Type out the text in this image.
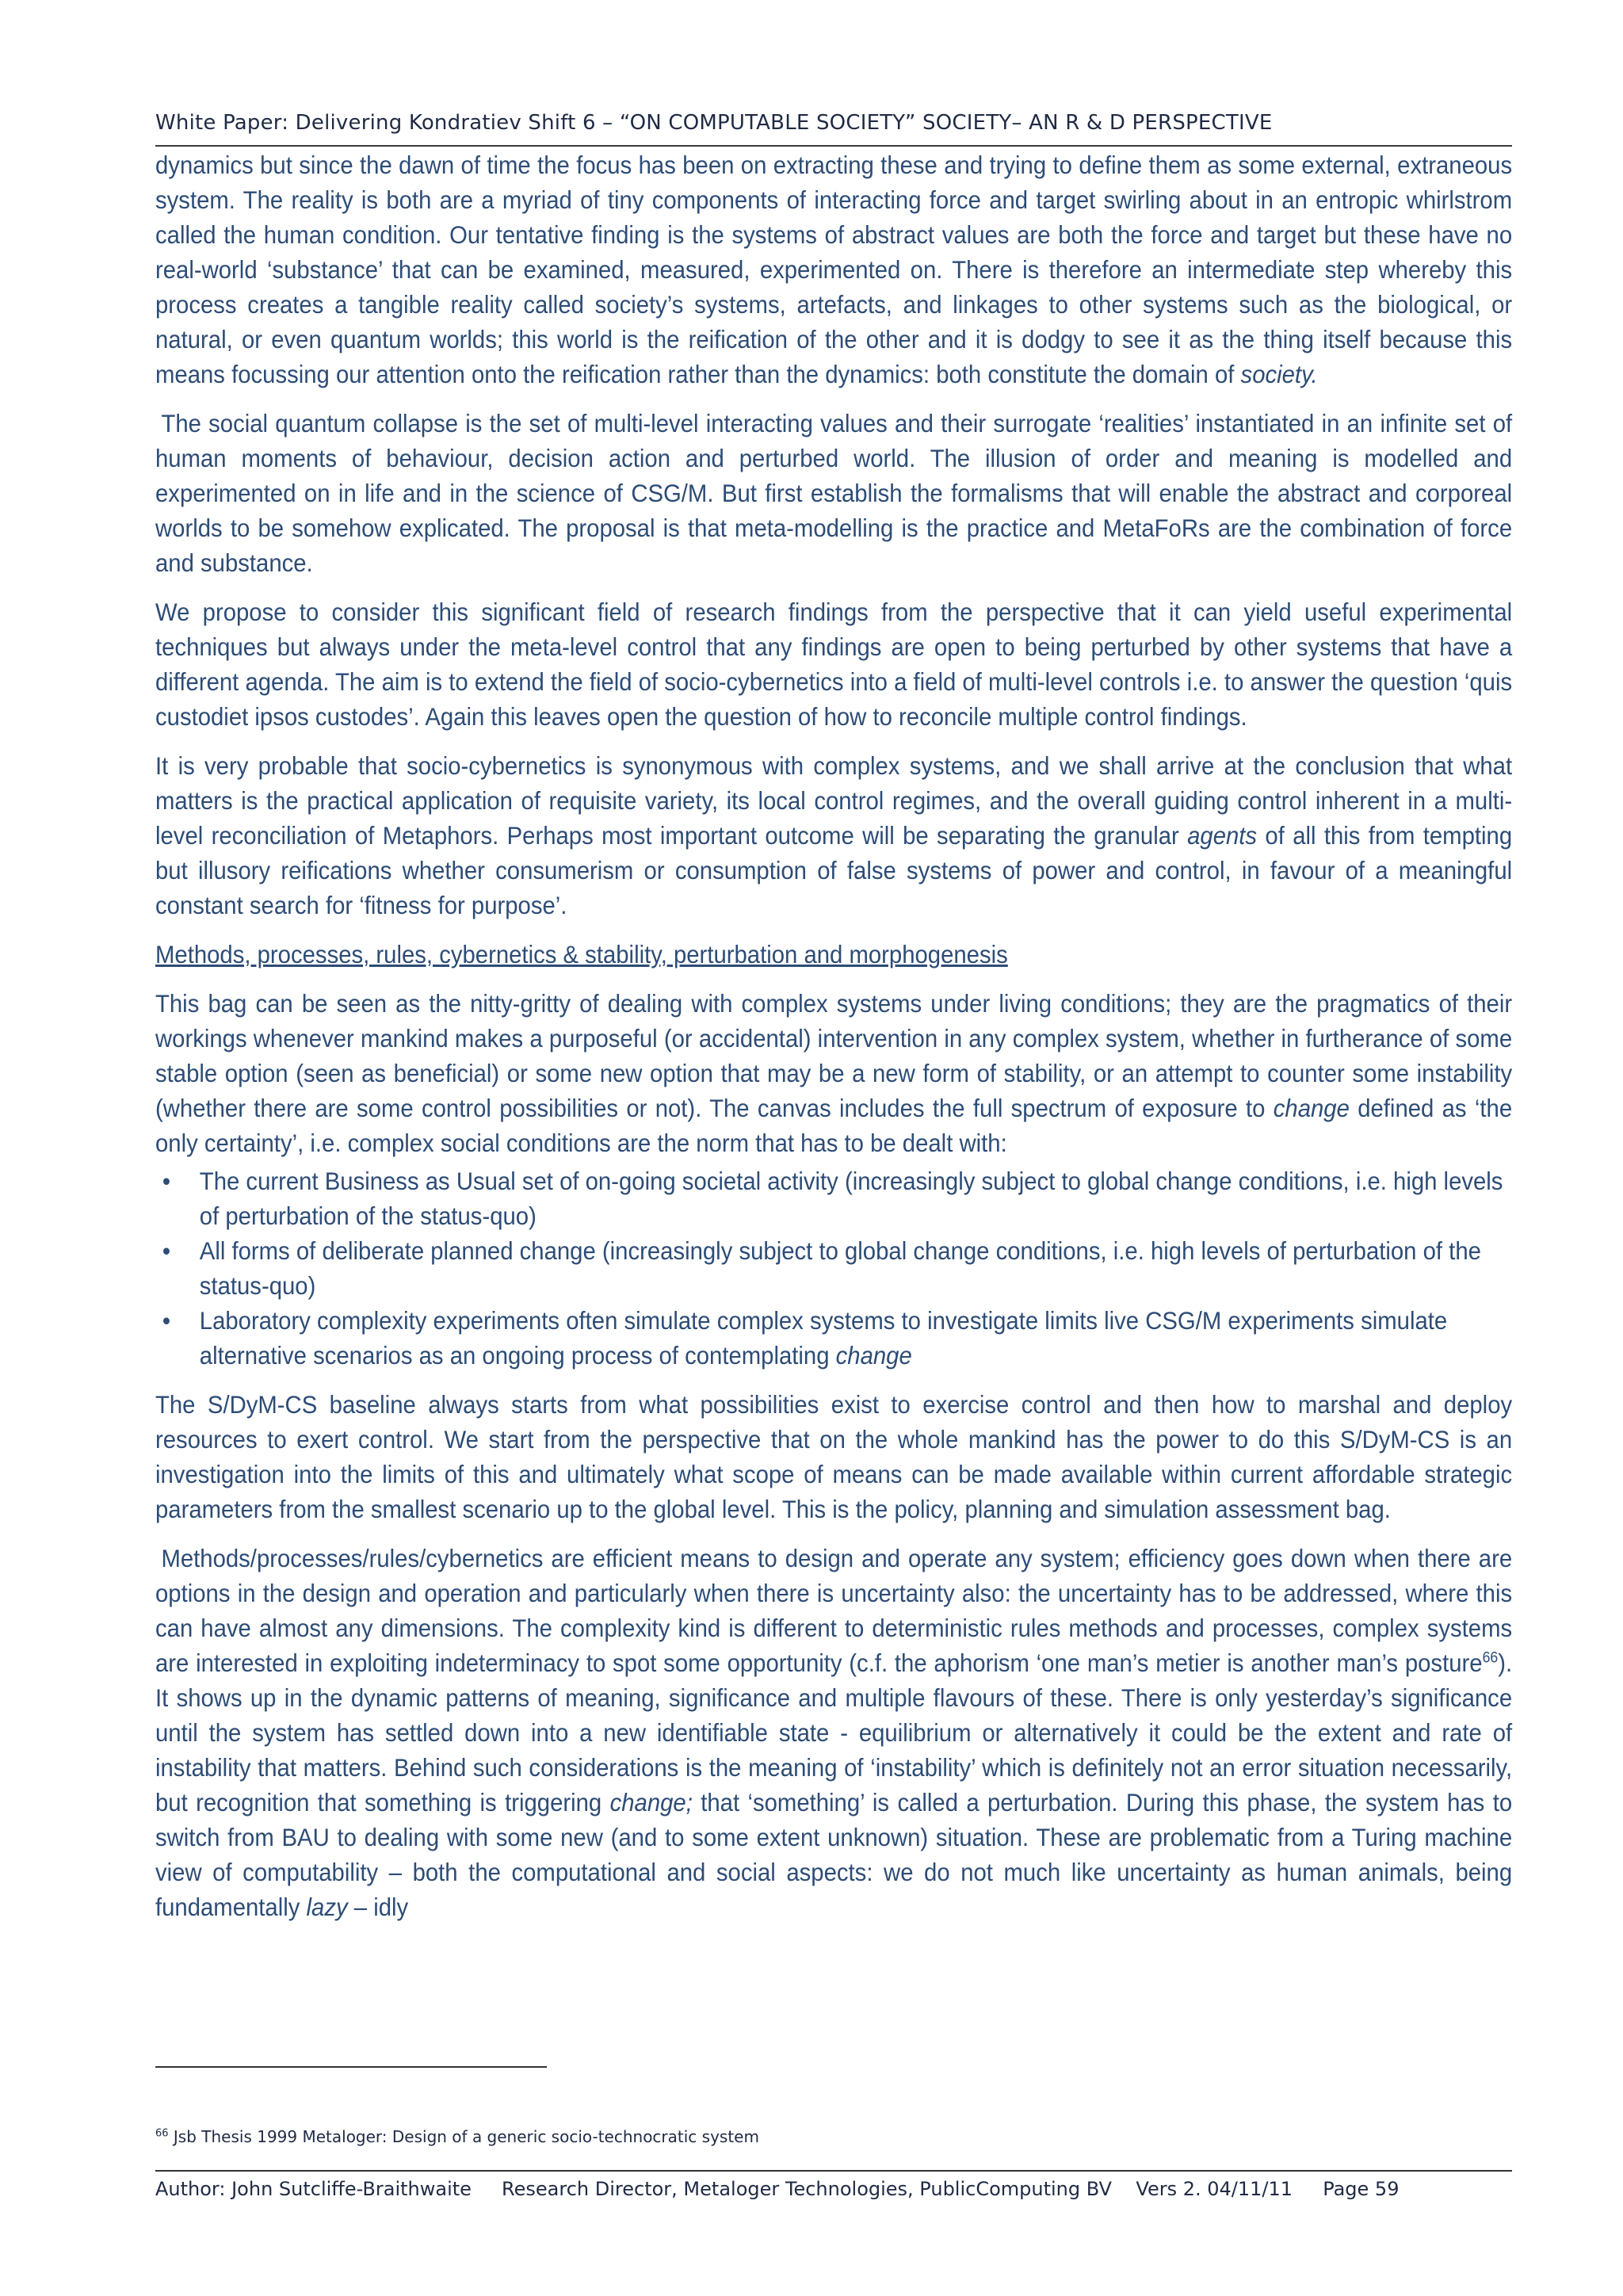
White Paper: Delivering Kondratiev Shift 6 – “ON COMPUTABLE SOCIETY” SOCIETY– AN R & D PERSPECTIVE

dynamics but since the dawn of time the focus has been on extracting these and trying to define them as some external, extraneous system. The reality is both are a myriad of tiny components of interacting force and target swirling about in an entropic whirlstrom called the human condition. Our tentative finding is the systems of abstract values are both the force and target but these have no real-world ‘substance’ that can be examined, measured, experimented on. There is therefore an intermediate step whereby this process creates a tangible reality called society’s systems, artefacts, and linkages to other systems such as the biological, or natural, or even quantum worlds; this world is the reification of the other and it is dodgy to see it as the thing itself because this means focussing our attention onto the reification rather than the dynamics: both constitute the domain of society.

The social quantum collapse is the set of multi-level interacting values and their surrogate ‘realities’ instantiated in an infinite set of human moments of behaviour, decision action and perturbed world. The illusion of order and meaning is modelled and experimented on in life and in the science of CSG/M. But first establish the formalisms that will enable the abstract and corporeal worlds to be somehow explicated. The proposal is that meta-modelling is the practice and MetaFoRs are the combination of force and substance.

We propose to consider this significant field of research findings from the perspective that it can yield useful experimental techniques but always under the meta-level control that any findings are open to being perturbed by other systems that have a different agenda. The aim is to extend the field of socio-cybernetics into a field of multi-level controls i.e. to answer the question ‘quis custodiet ipsos custodes’. Again this leaves open the question of how to reconcile multiple control findings.

It is very probable that socio-cybernetics is synonymous with complex systems, and we shall arrive at the conclusion that what matters is the practical application of requisite variety, its local control regimes, and the overall guiding control inherent in a multi-level reconciliation of Metaphors. Perhaps most important outcome will be separating the granular agents of all this from tempting but illusory reifications whether consumerism or consumption of false systems of power and control, in favour of a meaningful constant search for ‘fitness for purpose’.

Methods, processes, rules, cybernetics & stability, perturbation and morphogenesis

This bag can be seen as the nitty-gritty of dealing with complex systems under living conditions; they are the pragmatics of their workings whenever mankind makes a purposeful (or accidental) intervention in any complex system, whether in furtherance of some stable option (seen as beneficial) or some new option that may be a new form of stability, or an attempt to counter some instability (whether there are some control possibilities or not). The canvas includes the full spectrum of exposure to change defined as ‘the only certainty’, i.e. complex social conditions are the norm that has to be dealt with:

• The current Business as Usual set of on-going societal activity (increasingly subject to global change conditions, i.e. high levels of perturbation of the status-quo)
• All forms of deliberate planned change (increasingly subject to global change conditions, i.e. high levels of perturbation of the status-quo)
• Laboratory complexity experiments often simulate complex systems to investigate limits live CSG/M experiments simulate alternative scenarios as an ongoing process of contemplating change

The S/DyM-CS baseline always starts from what possibilities exist to exercise control and then how to marshal and deploy resources to exert control. We start from the perspective that on the whole mankind has the power to do this S/DyM-CS is an investigation into the limits of this and ultimately what scope of means can be made available within current affordable strategic parameters from the smallest scenario up to the global level. This is the policy, planning and simulation assessment bag.

Methods/processes/rules/cybernetics are efficient means to design and operate any system; efficiency goes down when there are options in the design and operation and particularly when there is uncertainty also: the uncertainty has to be addressed, where this can have almost any dimensions. The complexity kind is different to deterministic rules methods and processes, complex systems are interested in exploiting indeterminacy to spot some opportunity (c.f. the aphorism ‘one man’s metier is another man’s posture$^{66}$). It shows up in the dynamic patterns of meaning, significance and multiple flavours of these. There is only yesterday’s significance until the system has settled down into a new identifiable state - equilibrium or alternatively it could be the extent and rate of instability that matters. Behind such considerations is the meaning of ‘instability’ which is definitely not an error situation necessarily, but recognition that something is triggering change; that ‘something’ is called a perturbation. During this phase, the system has to switch from BAU to dealing with some new (and to some extent unknown) situation. These are problematic from a Turing machine view of computability – both the computational and social aspects: we do not much like uncertainty as human animals, being fundamentally lazy – idly

$^{66}$ Jsb Thesis 1999 Metaloger: Design of a generic socio-technocratic system
Author: John Sutcliffe-Braithwaite     Research Director, Metaloger Technologies, PublicComputing BV    Vers 2. 04/11/11     Page 59
